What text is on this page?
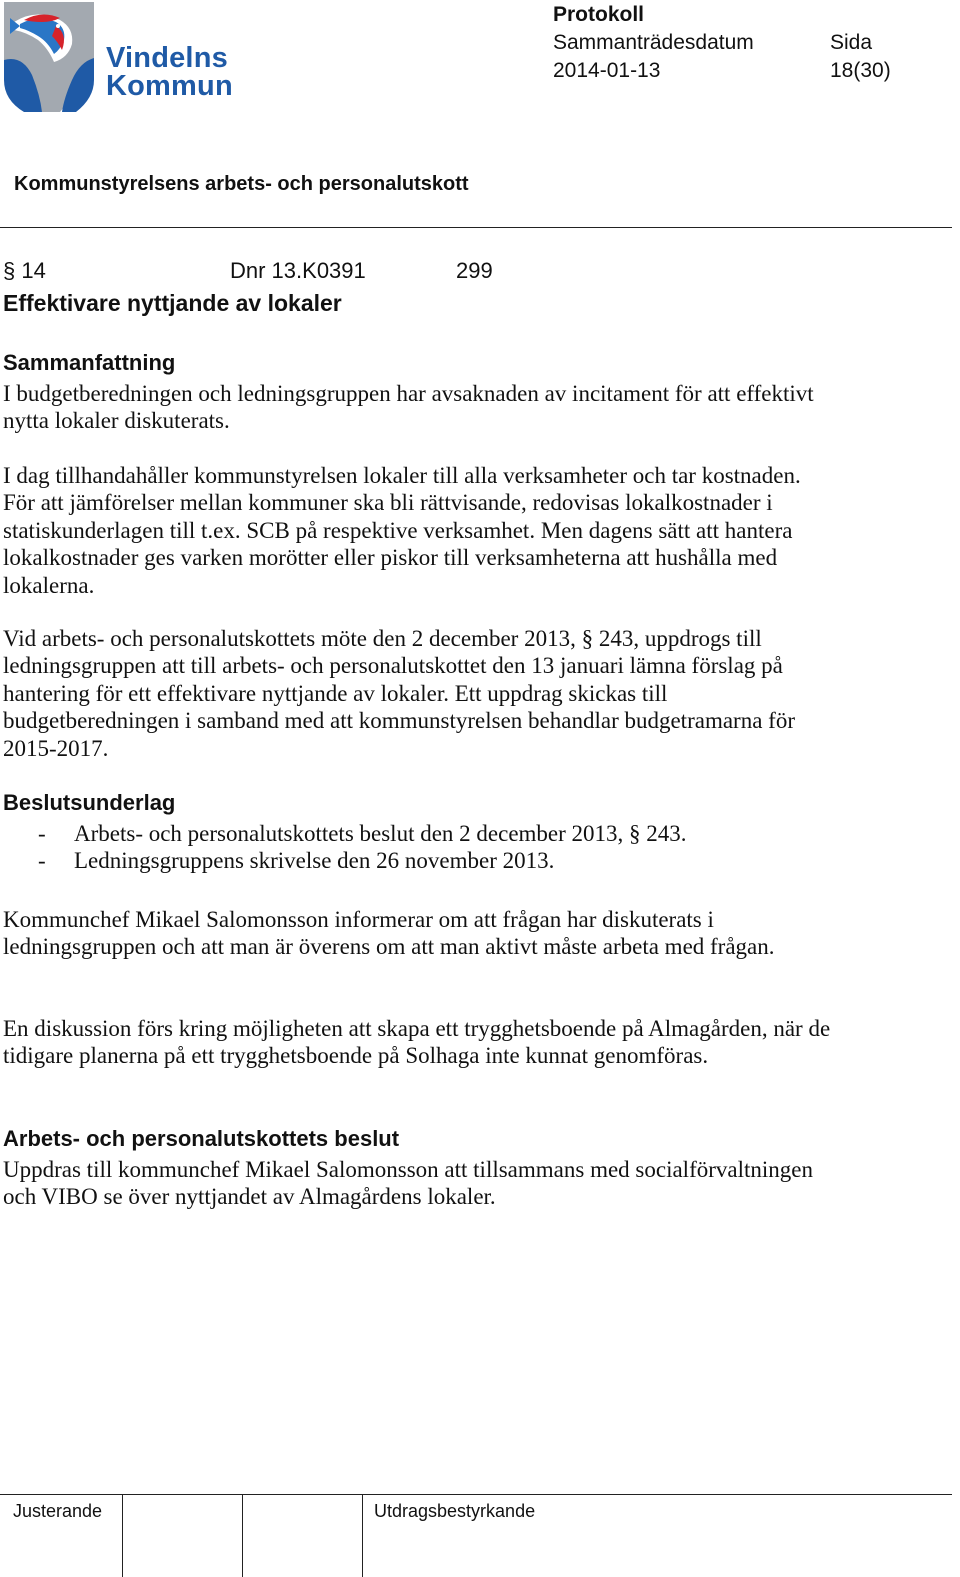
Vindelns
Kommun
Protokoll
Sammanträdesdatum	Sida
2014-01-13	18(30)
Kommunstyrelsens arbets- och personalutskott
§ 14	Dnr 13.K0391	299
Effektivare nyttjande av lokaler
Sammanfattning

I budgetberedningen och ledningsgruppen har avsaknaden av incitament för att effektivt nytta lokaler diskuterats.

I dag tillhandahåller kommunstyrelsen lokaler till alla verksamheter och tar kostnaden. För att jämförelser mellan kommuner ska bli rättvisande, redovisas lokalkostnader i statiskunderlagen till t.ex. SCB på respektive verksamhet. Men dagens sätt att hantera lokalkostnader ges varken morötter eller piskor till verksamheterna att hushålla med lokalerna.

Vid arbets- och personalutskottets möte den 2 december 2013, § 243, uppdrogs till ledningsgruppen att till arbets- och personalutskottet den 13 januari lämna förslag på hantering för ett effektivare nyttjande av lokaler. Ett uppdrag skickas till budgetberedningen i samband med att kommunstyrelsen behandlar budgetramarna för 2015-2017.

Beslutsunderlag
- Arbets- och personalutskottets beslut den 2 december 2013, § 243.
- Ledningsgruppens skrivelse den 26 november 2013.

Kommunchef Mikael Salomonsson informerar om att frågan har diskuterats i ledningsgruppen och att man är överens om att man aktivt måste arbeta med frågan.

En diskussion förs kring möjligheten att skapa ett trygghetsboende på Almagården, när de tidigare planerna på ett trygghetsboende på Solhaga inte kunnat genomföras.

Arbets- och personalutskottets beslut

Uppdras till kommunchef Mikael Salomonsson att tillsammans med socialförvaltningen och VIBO se över nyttjandet av Almagårdens lokaler.

Justerande	Utdragsbestyrkande
